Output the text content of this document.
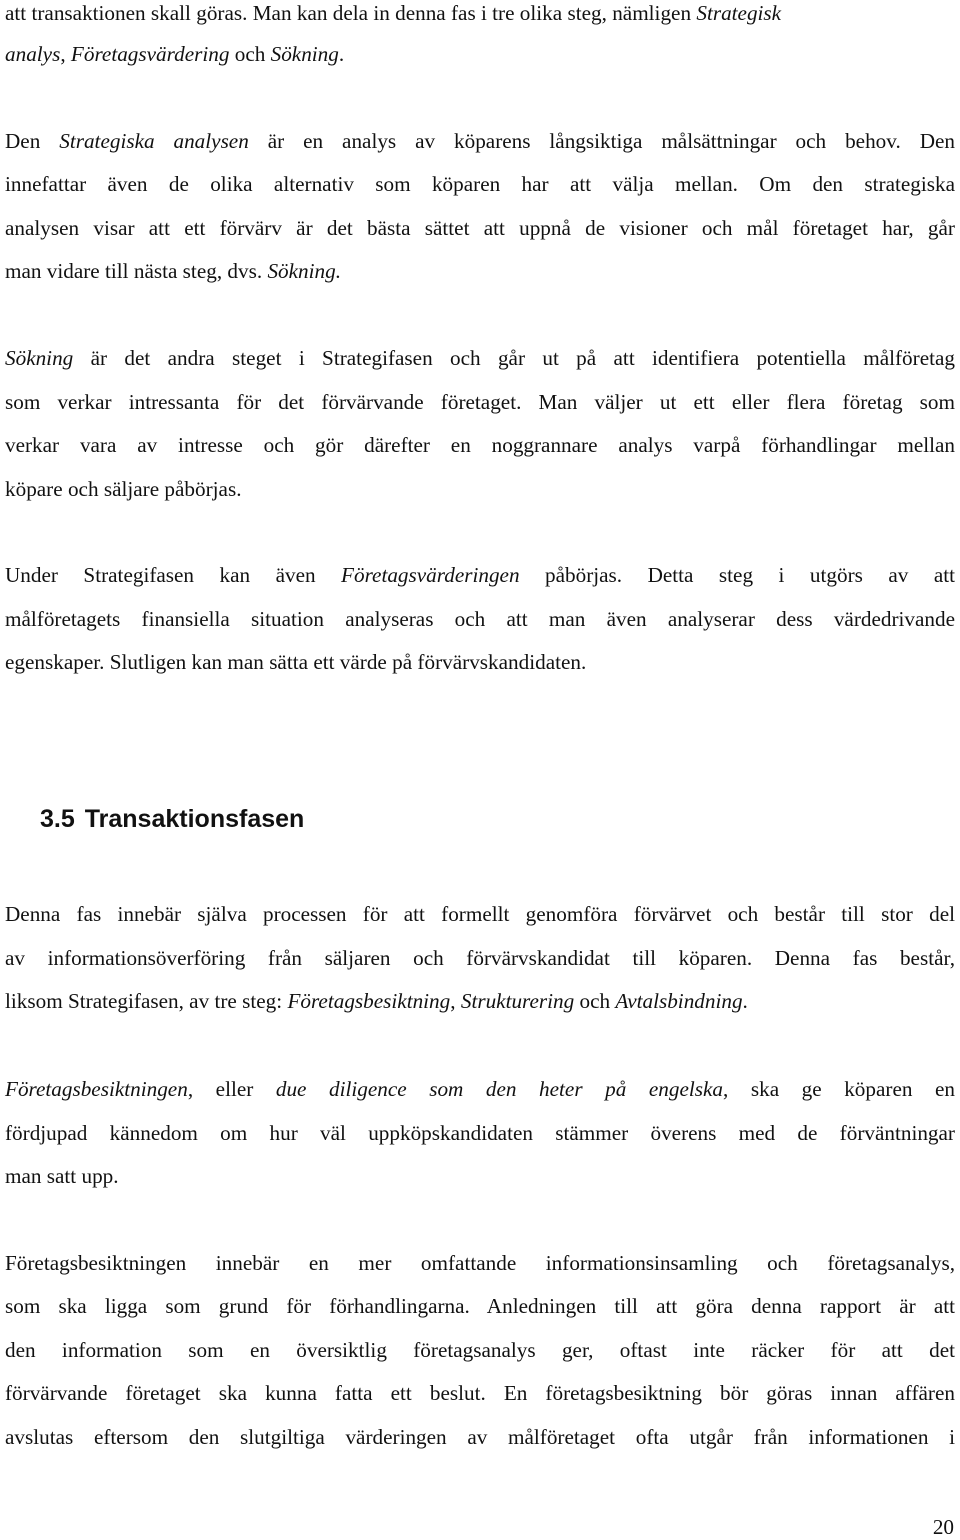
att transaktionen skall göras. Man kan dela in denna fas i tre olika steg, nämligen Strategisk
analys, Företagsvärdering och Sökning.
Den Strategiska analysen är en analys av köparens långsiktiga målsättningar och behov. Den
innefattar även de olika alternativ som köparen har att välja mellan. Om den strategiska
analysen visar att ett förvärv är det bästa sättet att uppnå de visioner och mål företaget har, går
man vidare till nästa steg, dvs. Sökning.
Sökning är det andra steget i Strategifasen och går ut på att identifiera potentiella målföretag
som verkar intressanta för det förvärvande företaget. Man väljer ut ett eller flera företag som
verkar vara av intresse och gör därefter en noggrannare analys varpå förhandlingar mellan
köpare och säljare påbörjas.
Under Strategifasen kan även Företagsvärderingen påbörjas. Detta steg i utgörs av att
målföretagets finansiella situation analyseras och att man även analyserar dess värdedrivande
egenskaper. Slutligen kan man sätta ett värde på förvärvskandidaten.
3.5 Transaktionsfasen
Denna fas innebär själva processen för att formellt genomföra förvärvet och består till stor del
av informationsöverföring från säljaren och förvärvskandidat till köparen. Denna fas består,
liksom Strategifasen, av tre steg: Företagsbesiktning, Strukturering och Avtalsbindning.
Företagsbesiktningen, eller due diligence som den heter på engelska, ska ge köparen en
fördjupad kännedom om hur väl uppköpskandidaten stämmer överens med de förväntningar
man satt upp.
Företagsbesiktningen innebär en mer omfattande informationsinsamling och företagsanalys,
som ska ligga som grund för förhandlingarna. Anledningen till att göra denna rapport är att
den information som en översiktlig företagsanalys ger, oftast inte räcker för att det
förvärvande företaget ska kunna fatta ett beslut. En företagsbesiktning bör göras innan affären
avslutas eftersom den slutgiltiga värderingen av målföretaget ofta utgår från informationen i
20
